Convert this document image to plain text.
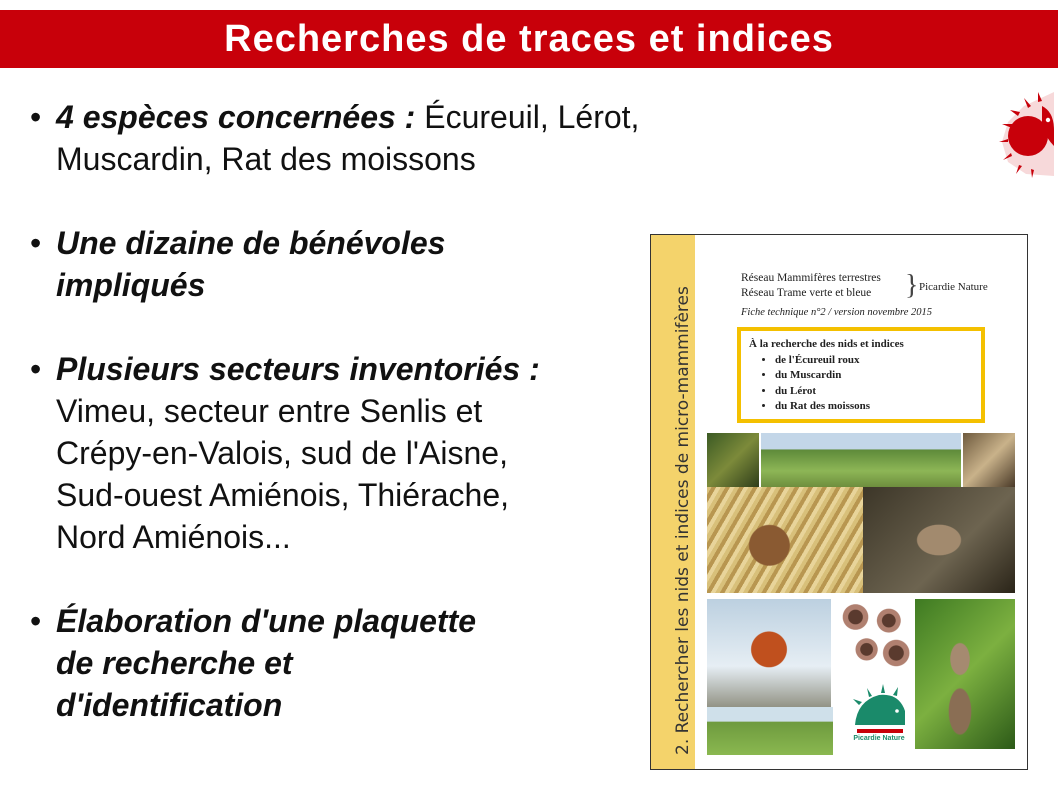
Recherches de traces et indices
• 4 espèces concernées : Écureuil, Lérot, Muscardin, Rat des moissons
• Une dizaine de bénévoles impliqués
• Plusieurs secteurs inventoriés :Vimeu, secteur entre Senlis et Crépy-en-Valois, sud de l'Aisne, Sud-ouest Amiénois, Thiérache, Nord Amiénois...
• Élaboration d'une plaquette de recherche et d'identification	2. Rechercher les nids et indices de micro-mammifères
Réseau Mammifères terrestres
Réseau Trame verte et bleue	} Picardie Nature
Fiche technique n°2 / version novembre 2015
À la recherche des nids et indices
• de l'Écureuil roux
• du Muscardin
• du Lérot
• du Rat des moissons
Picardie Nature
